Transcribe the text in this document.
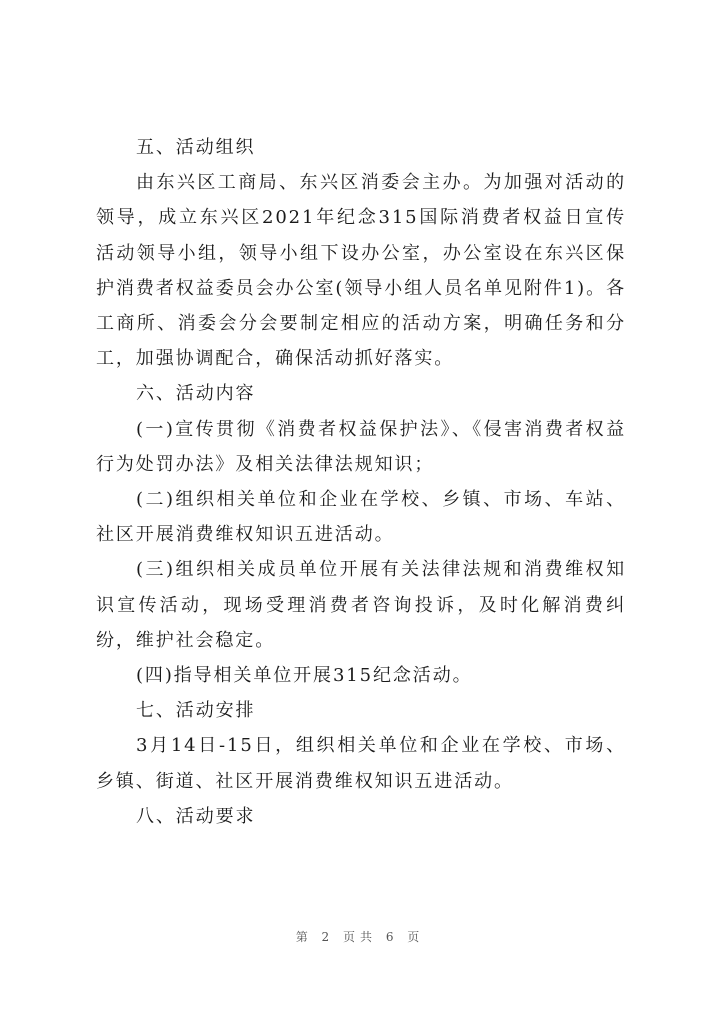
五、活动组织

由东兴区工商局、东兴区消委会主办。为加强对活动的领导，成立东兴区2021年纪念315国际消费者权益日宣传活动领导小组，领导小组下设办公室，办公室设在东兴区保护消费者权益委员会办公室(领导小组人员名单见附件1)。各工商所、消委会分会要制定相应的活动方案，明确任务和分工，加强协调配合，确保活动抓好落实。

六、活动内容

(一)宣传贯彻《消费者权益保护法》、《侵害消费者权益行为处罚办法》及相关法律法规知识；

(二)组织相关单位和企业在学校、乡镇、市场、车站、社区开展消费维权知识五进活动。

(三)组织相关成员单位开展有关法律法规和消费维权知识宣传活动，现场受理消费者咨询投诉，及时化解消费纠纷，维护社会稳定。

(四)指导相关单位开展315纪念活动。

七、活动安排

3月14日-15日，组织相关单位和企业在学校、市场、乡镇、街道、社区开展消费维权知识五进活动。

八、活动要求

第 2 页共 6 页
